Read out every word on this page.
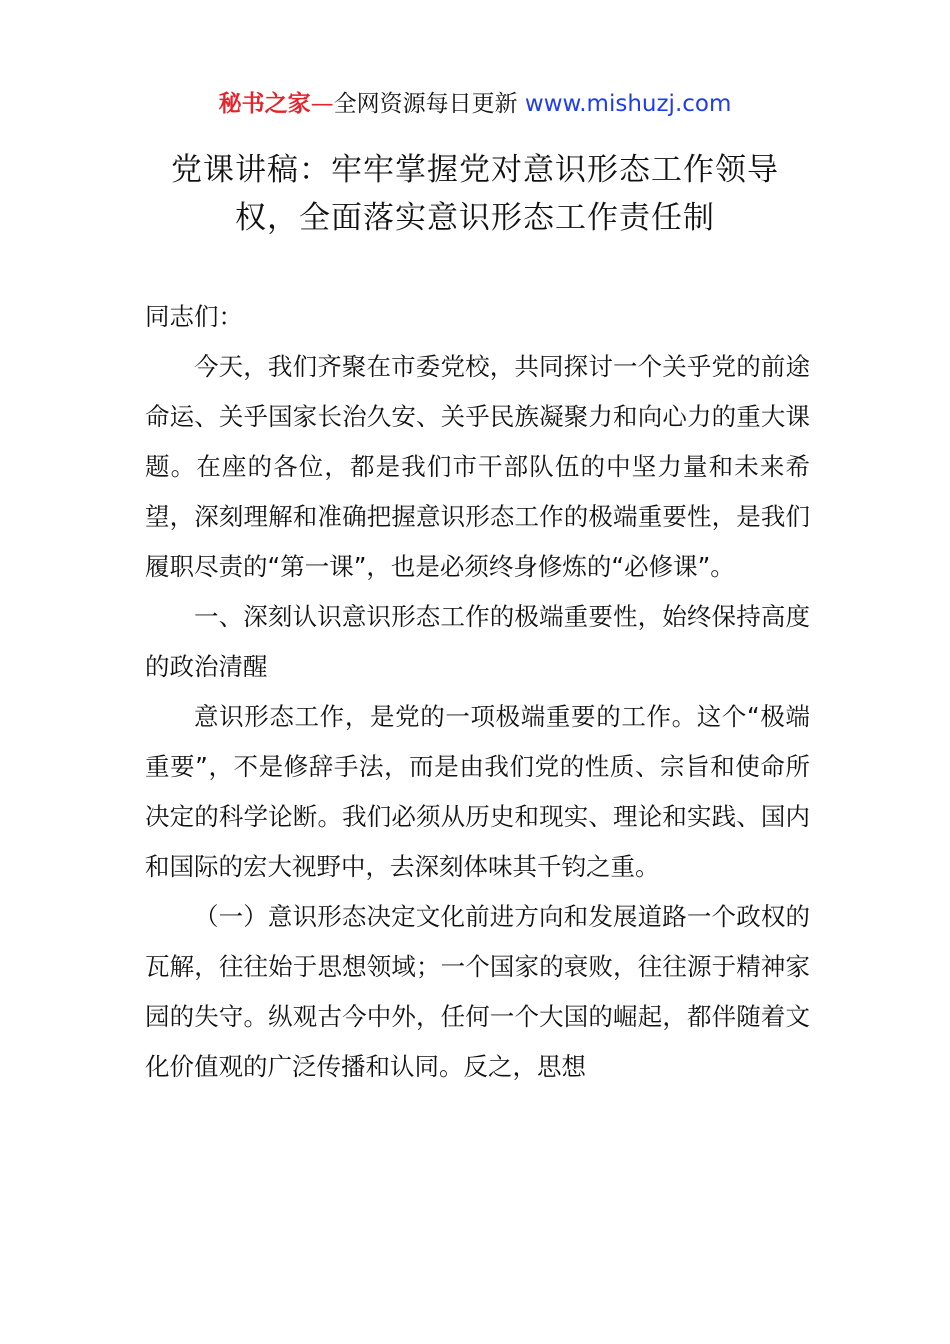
秘书之家—全网资源每日更新 www.mishuzj.com
党课讲稿：牢牢掌握党对意识形态工作领导
权，全面落实意识形态工作责任制

同志们：

今天，我们齐聚在市委党校，共同探讨一个关乎党的前途命运、关乎国家长治久安、关乎民族凝聚力和向心力的重大课题。在座的各位，都是我们市干部队伍的中坚力量和未来希望，深刻理解和准确把握意识形态工作的极端重要性，是我们履职尽责的“第一课”，也是必须终身修炼的“必修课”。

一、深刻认识意识形态工作的极端重要性，始终保持高度的政治清醒

意识形态工作，是党的一项极端重要的工作。这个“极端重要”，不是修辞手法，而是由我们党的性质、宗旨和使命所决定的科学论断。我们必须从历史和现实、理论和实践、国内和国际的宏大视野中，去深刻体味其千钧之重。

（一）意识形态决定文化前进方向和发展道路一个政权的瓦解，往往始于思想领域；一个国家的衰败，往往源于精神家园的失守。纵观古今中外，任何一个大国的崛起，都伴随着文化价值观的广泛传播和认同。反之，思想
